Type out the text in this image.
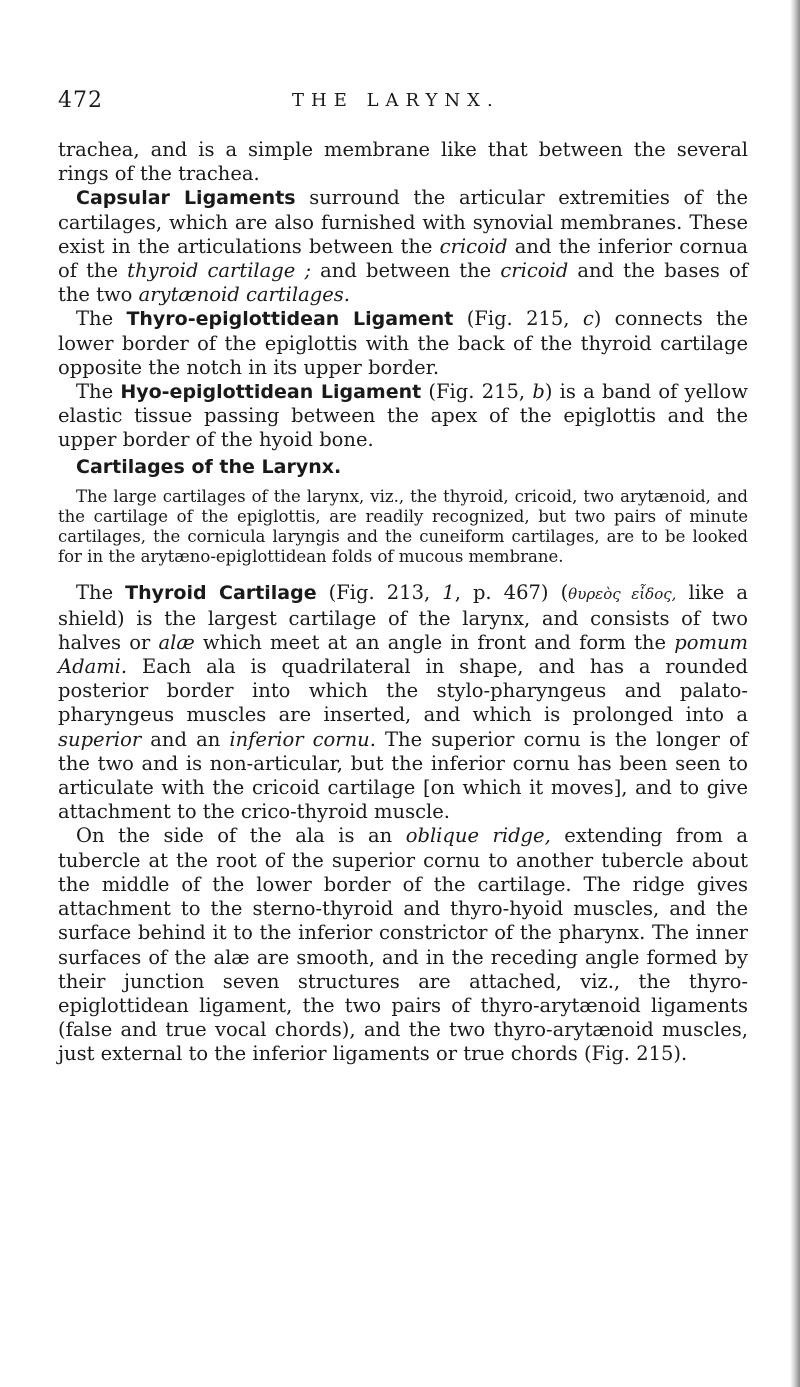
472	THE LARYNX.

trachea, and is a simple membrane like that between the several rings of the trachea.

Capsular Ligaments surround the articular extremities of the cartilages, which are also furnished with synovial membranes. These exist in the articulations between the cricoid and the inferior cornua of the thyroid cartilage ; and between the cricoid and the bases of the two arytænoid cartilages.

The Thyro-epiglottidean Ligament (Fig. 215, c) connects the lower border of the epiglottis with the back of the thyroid cartilage opposite the notch in its upper border.

The Hyo-epiglottidean Ligament (Fig. 215, b) is a band of yellow elastic tissue passing between the apex of the epiglottis and the upper border of the hyoid bone.

Cartilages of the Larynx.

The large cartilages of the larynx, viz., the thyroid, cricoid, two arytænoid, and the cartilage of the epiglottis, are readily recognized, but two pairs of minute cartilages, the cornicula laryngis and the cuneiform cartilages, are to be looked for in the arytæno-epiglottidean folds of mucous membrane.

The Thyroid Cartilage (Fig. 213, 1, p. 467) (θυρεὸς εἶδος, like a shield) is the largest cartilage of the larynx, and consists of two halves or alæ which meet at an angle in front and form the pomum Adami. Each ala is quadrilateral in shape, and has a rounded posterior border into which the stylo-pharyngeus and palato-pharyngeus muscles are inserted, and which is prolonged into a superior and an inferior cornu. The superior cornu is the longer of the two and is non-articular, but the inferior cornu has been seen to articulate with the cricoid cartilage [on which it moves], and to give attachment to the crico-thyroid muscle.

On the side of the ala is an oblique ridge, extending from a tubercle at the root of the superior cornu to another tubercle about the middle of the lower border of the cartilage. The ridge gives attachment to the sterno-thyroid and thyro-hyoid muscles, and the surface behind it to the inferior constrictor of the pharynx. The inner surfaces of the alæ are smooth, and in the receding angle formed by their junction seven structures are attached, viz., the thyro-epiglottidean ligament, the two pairs of thyro-arytænoid ligaments (false and true vocal chords), and the two thyro-arytænoid muscles, just external to the inferior ligaments or true chords (Fig. 215).
